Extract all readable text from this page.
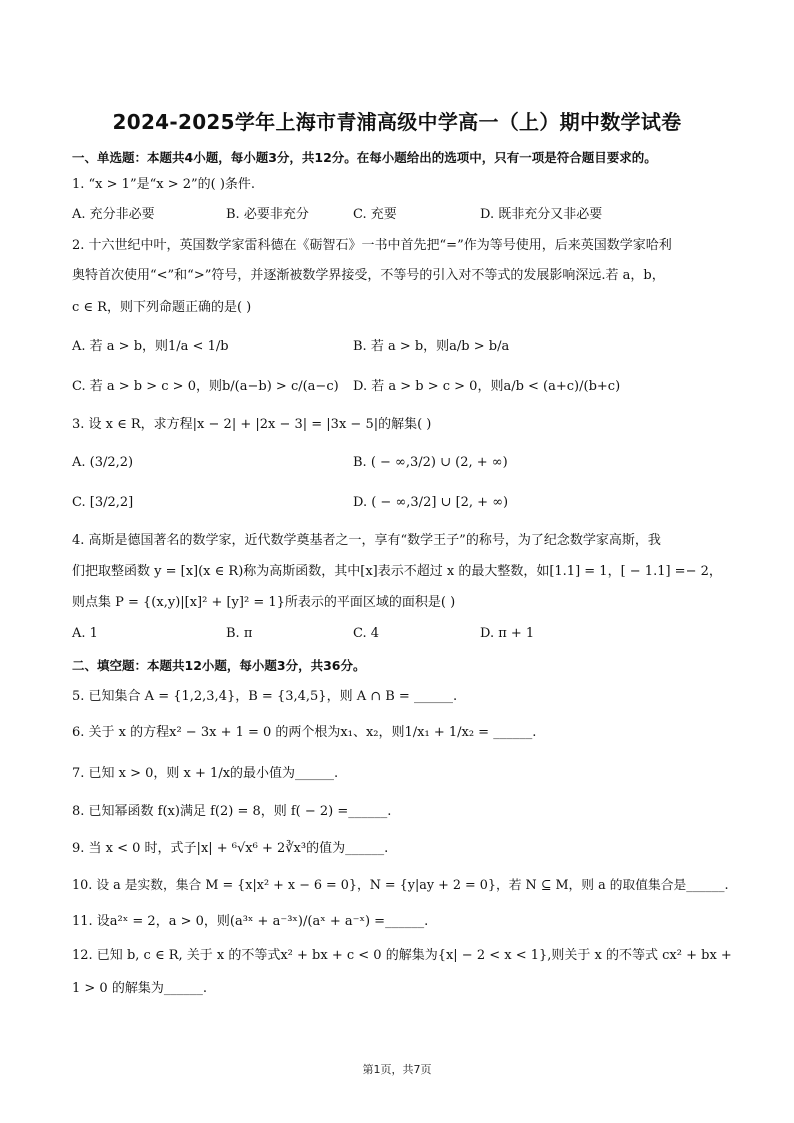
2024-2025学年上海市青浦高级中学高一（上）期中数学试卷
一、单选题：本题共4小题，每小题3分，共12分。在每小题给出的选项中，只有一项是符合题目要求的。
1. “x > 1”是“x > 2”的( )条件.
A. 充分非必要	B. 必要非充分	C. 充要	D. 既非充分又非必要
2. 十六世纪中叶，英国数学家雷科德在《砺智石》一书中首先把“=”作为等号使用，后来英国数学家哈利
奥特首次使用“<”和“>”符号，并逐渐被数学界接受，不等号的引入对不等式的发展影响深远.若 a，b，
c ∈ R，则下列命题正确的是( )
A. 若 a > b，则1/a < 1/b	B. 若 a > b，则a/b > b/a
C. 若 a > b > c > 0，则b/(a−b) > c/(a−c) D. 若 a > b > c > 0，则a/b < (a+c)/(b+c)
3. 设 x ∈ R，求方程|x − 2| + |2x − 3| = |3x − 5|的解集( )
A. (3/2,2)	B. ( − ∞,3/2) ∪ (2, + ∞)
C. [3/2,2]	D. ( − ∞,3/2] ∪ [2, + ∞)
4. 高斯是德国著名的数学家，近代数学奠基者之一，享有“数学王子”的称号，为了纪念数学家高斯，我
们把取整函数 y = [x](x ∈ R)称为高斯函数，其中[x]表示不超过 x 的最大整数，如[1.1] = 1，[ − 1.1] =− 2，
则点集 P = {(x,y)|[x]² + [y]² = 1}所表示的平面区域的面积是( )
A. 1	B. π	C. 4	D. π + 1
二、填空题：本题共12小题，每小题3分，共36分。
5. 已知集合 A = {1,2,3,4}，B = {3,4,5}，则 A ∩ B = ______.
6. 关于 x 的方程x² − 3x + 1 = 0 的两个根为x₁、x₂，则1/x₁ + 1/x₂ = ______.
7. 已知 x > 0，则 x + 1/x的最小值为______.
8. 已知幂函数 f(x)满足 f(2) = 8，则 f( − 2) =______.
9. 当 x < 0 时，式子|x| + ⁶√x⁶ + 2∛x³的值为______.
10. 设 a 是实数，集合 M = {x|x² + x − 6 = 0}，N = {y|ay + 2 = 0}，若 N ⊆ M，则 a 的取值集合是______.
11. 设a²ˣ = 2，a > 0，则(a³ˣ + a⁻³ˣ)/(aˣ + a⁻ˣ) =______.
12. 已知 b, c ∈ R, 关于 x 的不等式x² + bx + c < 0 的解集为{x| − 2 < x < 1},则关于 x 的不等式 cx² + bx +
1 > 0 的解集为______.
第1页，共7页
